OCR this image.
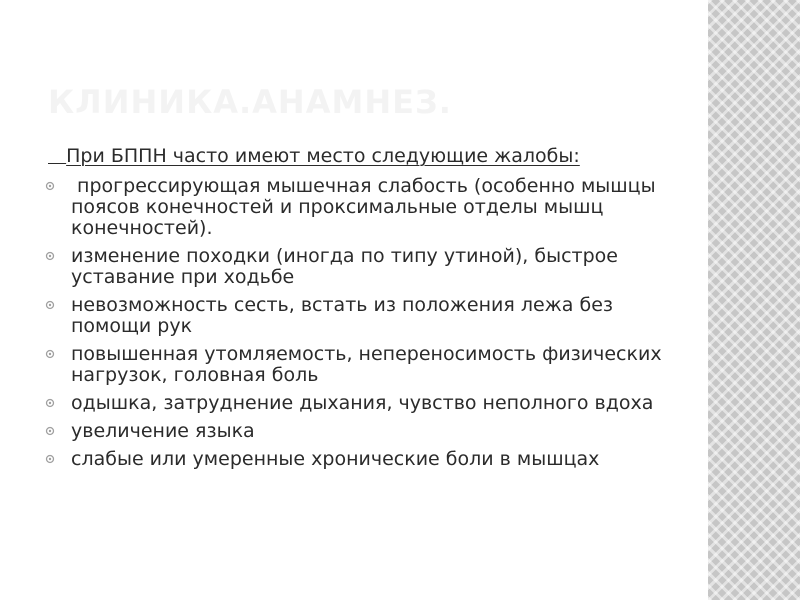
КЛИНИКА.АНАМНЕЗ.
При БППН часто имеют место следующие жалобы:
прогрессирующая мышечная слабость (особенно мышцы поясов конечностей и проксимальные отделы мышц конечностей).
изменение походки (иногда по типу утиной), быстрое уставание при ходьбе
невозможность сесть, встать из положения лежа без помощи рук
повышенная утомляемость, непереносимость физических нагрузок, головная боль
одышка, затруднение дыхания, чувство неполного вдоха
увеличение языка
слабые или умеренные хронические боли в мышцах
